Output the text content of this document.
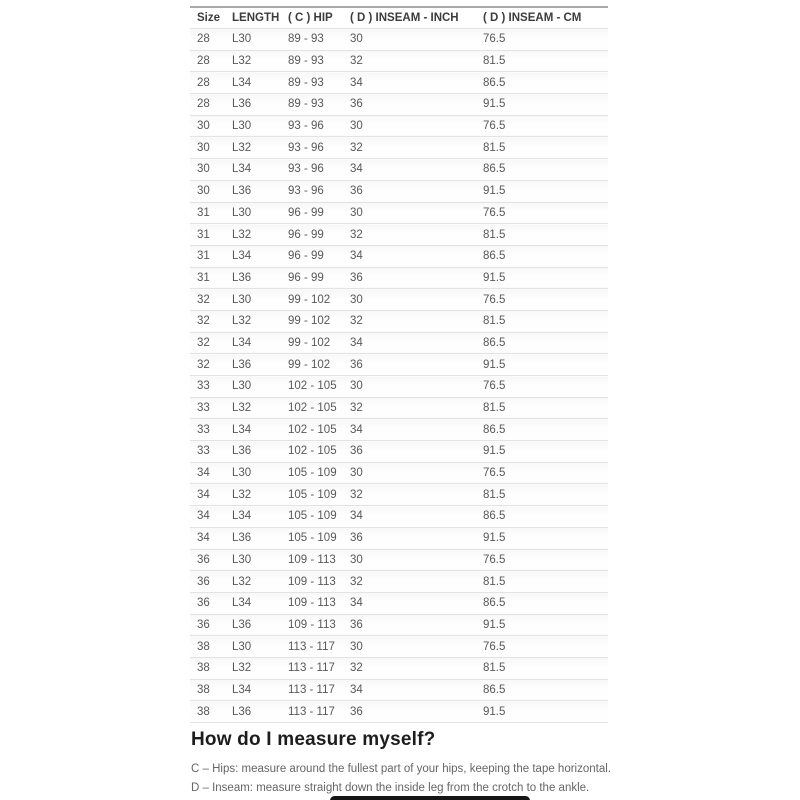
Size	LENGTH	( C ) HIP	( D ) INSEAM - INCH	( D ) INSEAM - CM
28	L30	89 - 93	30	76.5
28	L32	89 - 93	32	81.5
28	L34	89 - 93	34	86.5
28	L36	89 - 93	36	91.5
30	L30	93 - 96	30	76.5
30	L32	93 - 96	32	81.5
30	L34	93 - 96	34	86.5
30	L36	93 - 96	36	91.5
31	L30	96 - 99	30	76.5
31	L32	96 - 99	32	81.5
31	L34	96 - 99	34	86.5
31	L36	96 - 99	36	91.5
32	L30	99 - 102	30	76.5
32	L32	99 - 102	32	81.5
32	L34	99 - 102	34	86.5
32	L36	99 - 102	36	91.5
33	L30	102 - 105	30	76.5
33	L32	102 - 105	32	81.5
33	L34	102 - 105	34	86.5
33	L36	102 - 105	36	91.5
34	L30	105 - 109	30	76.5
34	L32	105 - 109	32	81.5
34	L34	105 - 109	34	86.5
34	L36	105 - 109	36	91.5
36	L30	109 - 113	30	76.5
36	L32	109 - 113	32	81.5
36	L34	109 - 113	34	86.5
36	L36	109 - 113	36	91.5
38	L30	113 - 117	30	76.5
38	L32	113 - 117	32	81.5
38	L34	113 - 117	34	86.5
38	L36	113 - 117	36	91.5
How do I measure myself?

C – Hips: measure around the fullest part of your hips, keeping the tape horizontal.

D – Inseam: measure straight down the inside leg from the crotch to the ankle.
